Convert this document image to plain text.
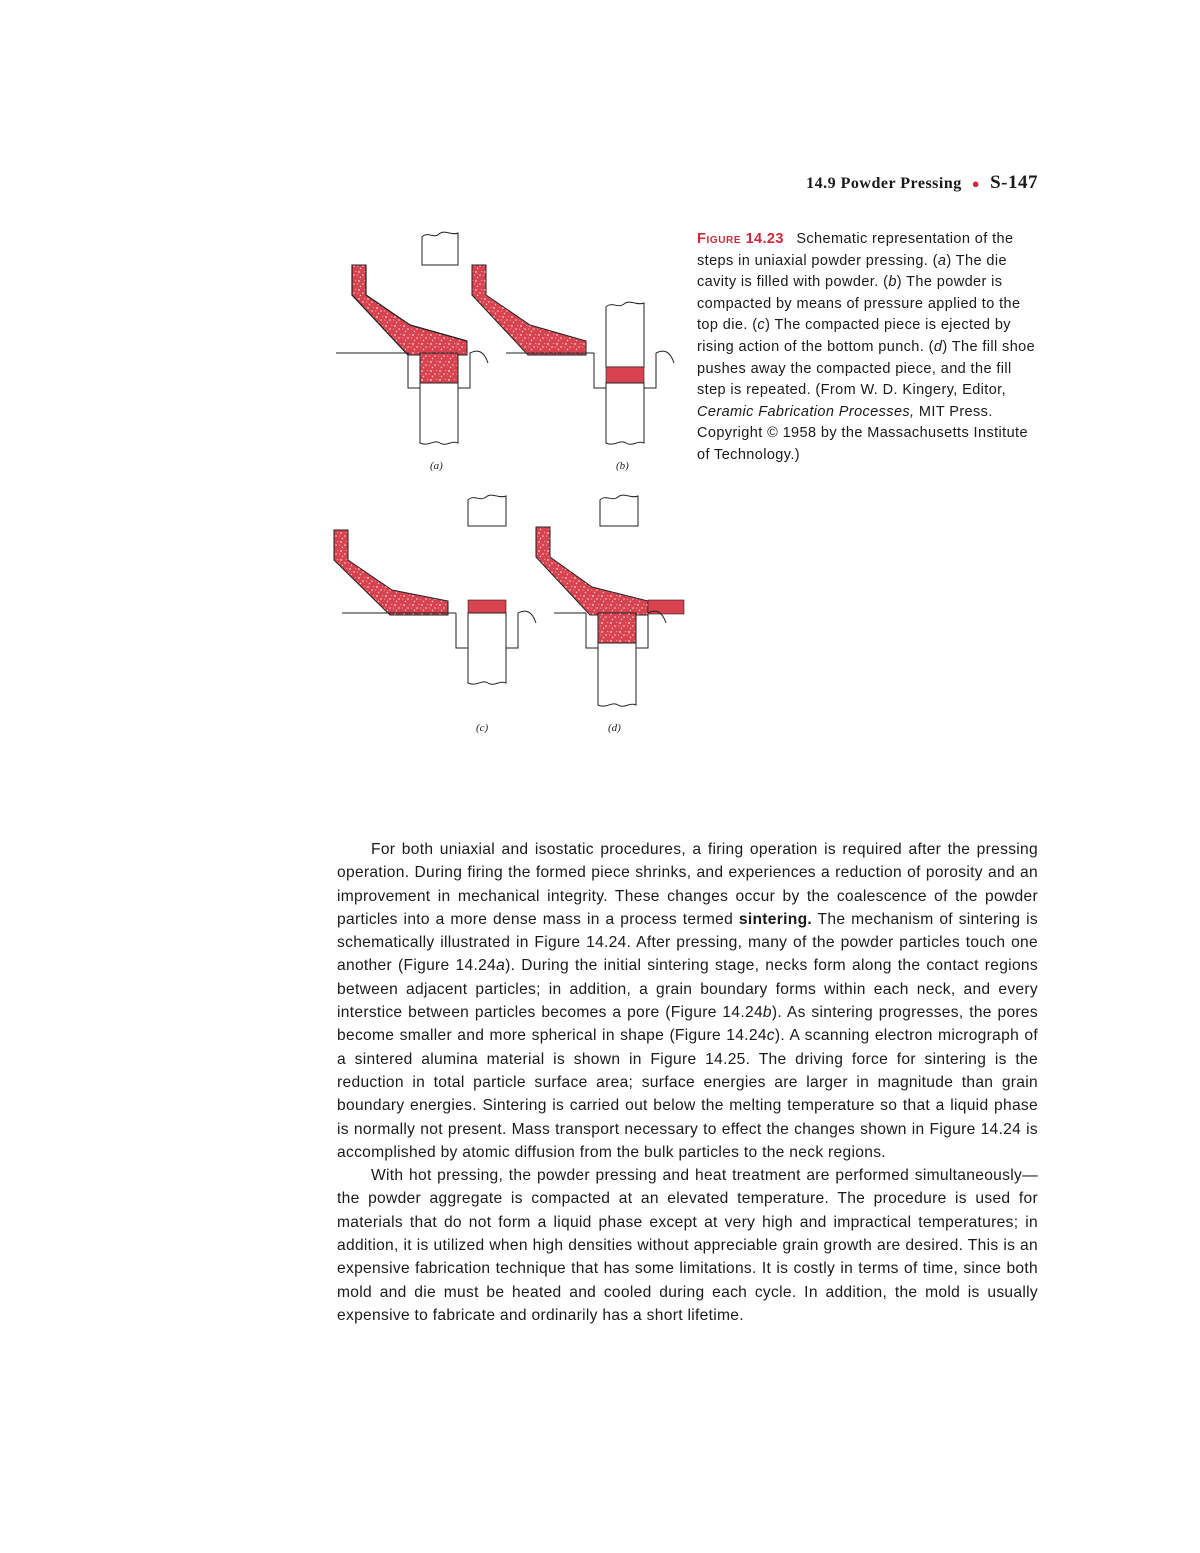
14.9 Powder Pressing ● S-147
(a)	(b)
(c)	(d)
Figure 14.23 Schematic representation of the steps in uniaxial powder pressing. (a) The die cavity is filled with powder. (b) The powder is compacted by means of pressure applied to the top die. (c) The compacted piece is ejected by rising action of the bottom punch. (d) The fill shoe pushes away the compacted piece, and the fill step is repeated. (From W. D. Kingery, Editor, Ceramic Fabrication Processes, MIT Press. Copyright © 1958 by the Massachusetts Institute of Technology.)

For both uniaxial and isostatic procedures, a firing operation is required after the pressing operation. During firing the formed piece shrinks, and experiences a reduction of porosity and an improvement in mechanical integrity. These changes occur by the coalescence of the powder particles into a more dense mass in a process termed sintering. The mechanism of sintering is schematically illustrated in Figure 14.24. After pressing, many of the powder particles touch one another (Figure 14.24a). During the initial sintering stage, necks form along the contact regions between adjacent particles; in addition, a grain boundary forms within each neck, and every interstice between particles becomes a pore (Figure 14.24b). As sintering progresses, the pores become smaller and more spherical in shape (Figure 14.24c). A scanning electron micrograph of a sintered alumina material is shown in Figure 14.25. The driving force for sintering is the reduction in total particle surface area; surface energies are larger in magnitude than grain boundary energies. Sintering is carried out below the melting temperature so that a liquid phase is normally not present. Mass transport necessary to effect the changes shown in Figure 14.24 is accomplished by atomic diffusion from the bulk particles to the neck regions.

With hot pressing, the powder pressing and heat treatment are performed simultaneously—the powder aggregate is compacted at an elevated temperature. The procedure is used for materials that do not form a liquid phase except at very high and impractical temperatures; in addition, it is utilized when high densities without appreciable grain growth are desired. This is an expensive fabrication technique that has some limitations. It is costly in terms of time, since both mold and die must be heated and cooled during each cycle. In addition, the mold is usually expensive to fabricate and ordinarily has a short lifetime.
